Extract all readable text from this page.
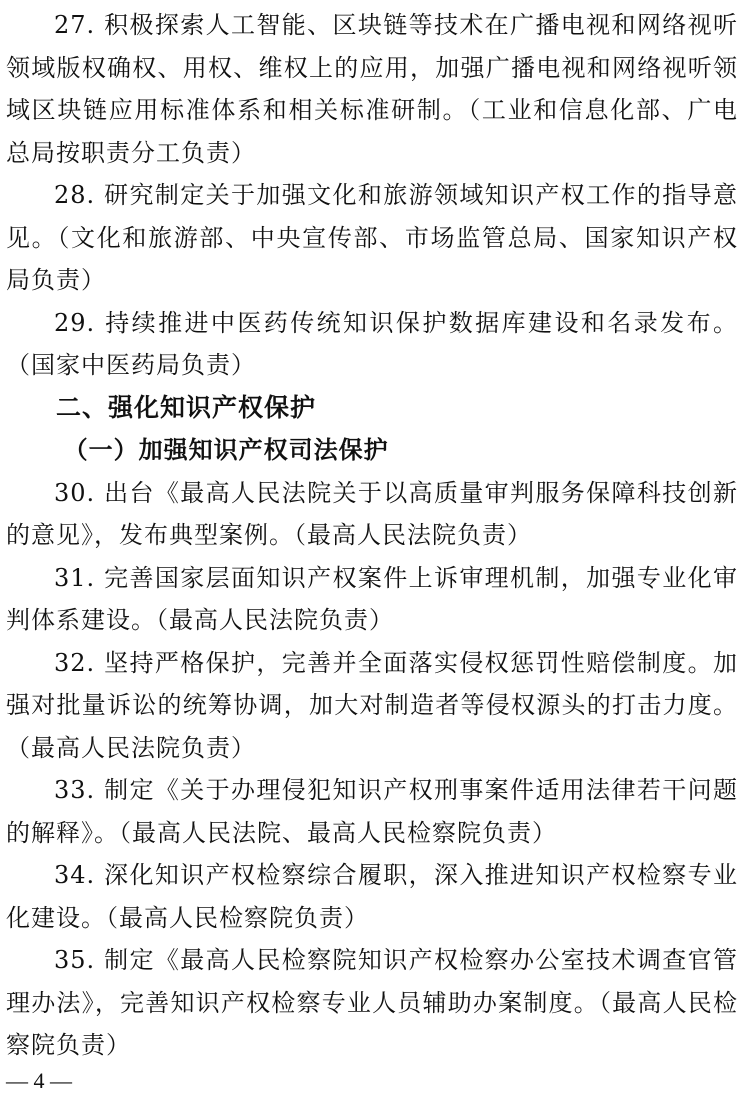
27. 积极探索人工智能、区块链等技术在广播电视和网络视听领域版权确权、用权、维权上的应用，加强广播电视和网络视听领域区块链应用标准体系和相关标准研制。（工业和信息化部、广电总局按职责分工负责）

28. 研究制定关于加强文化和旅游领域知识产权工作的指导意见。（文化和旅游部、中央宣传部、市场监管总局、国家知识产权局负责）

29. 持续推进中医药传统知识保护数据库建设和名录发布。（国家中医药局负责）

二、强化知识产权保护
（一）加强知识产权司法保护

30. 出台《最高人民法院关于以高质量审判服务保障科技创新的意见》，发布典型案例。（最高人民法院负责）

31. 完善国家层面知识产权案件上诉审理机制，加强专业化审判体系建设。（最高人民法院负责）

32. 坚持严格保护，完善并全面落实侵权惩罚性赔偿制度。加强对批量诉讼的统筹协调，加大对制造者等侵权源头的打击力度。（最高人民法院负责）

33. 制定《关于办理侵犯知识产权刑事案件适用法律若干问题的解释》。（最高人民法院、最高人民检察院负责）

34. 深化知识产权检察综合履职，深入推进知识产权检察专业化建设。（最高人民检察院负责）

35. 制定《最高人民检察院知识产权检察办公室技术调查官管理办法》，完善知识产权检察专业人员辅助办案制度。（最高人民检察院负责）

— 4 —
